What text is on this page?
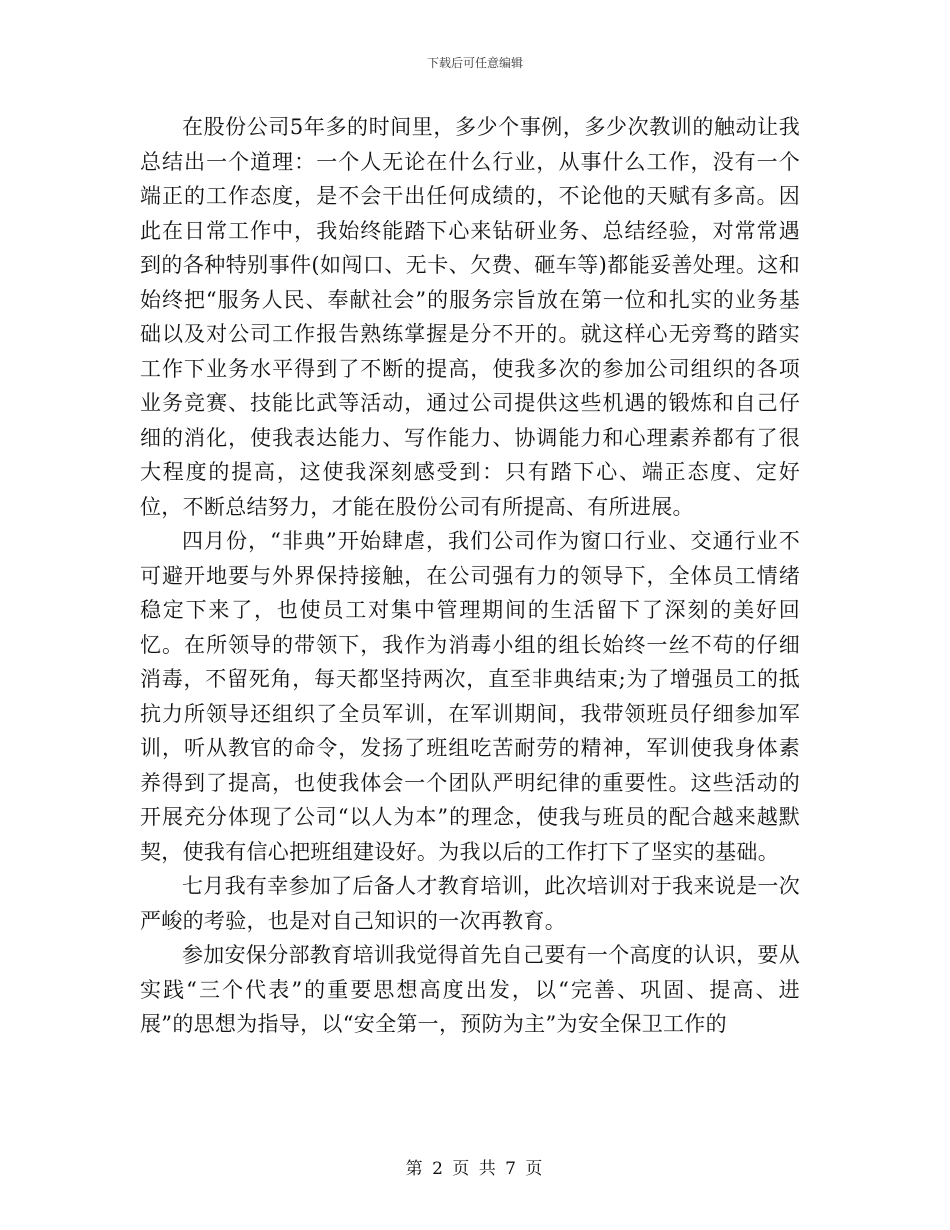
下载后可任意编辑

在股份公司5年多的时间里，多少个事例，多少次教训的触动让我总结出一个道理：一个人无论在什么行业，从事什么工作，没有一个端正的工作态度，是不会干出任何成绩的，不论他的天赋有多高。因此在日常工作中，我始终能踏下心来钻研业务、总结经验，对常常遇到的各种特别事件(如闯口、无卡、欠费、砸车等)都能妥善处理。这和始终把“服务人民、奉献社会”的服务宗旨放在第一位和扎实的业务基础以及对公司工作报告熟练掌握是分不开的。就这样心无旁骛的踏实工作下业务水平得到了不断的提高，使我多次的参加公司组织的各项业务竞赛、技能比武等活动，通过公司提供这些机遇的锻炼和自己仔细的消化，使我表达能力、写作能力、协调能力和心理素养都有了很大程度的提高，这使我深刻感受到：只有踏下心、端正态度、定好位，不断总结努力，才能在股份公司有所提高、有所进展。

四月份，“非典”开始肆虐，我们公司作为窗口行业、交通行业不可避开地要与外界保持接触，在公司强有力的领导下，全体员工情绪稳定下来了，也使员工对集中管理期间的生活留下了深刻的美好回忆。在所领导的带领下，我作为消毒小组的组长始终一丝不苟的仔细消毒，不留死角，每天都坚持两次，直至非典结束;为了增强员工的抵抗力所领导还组织了全员军训，在军训期间，我带领班员仔细参加军训，听从教官的命令，发扬了班组吃苦耐劳的精神，军训使我身体素养得到了提高，也使我体会一个团队严明纪律的重要性。这些活动的开展充分体现了公司“以人为本”的理念，使我与班员的配合越来越默契，使我有信心把班组建设好。为我以后的工作打下了坚实的基础。

七月我有幸参加了后备人才教育培训，此次培训对于我来说是一次严峻的考验，也是对自己知识的一次再教育。

参加安保分部教育培训我觉得首先自己要有一个高度的认识，要从实践“三个代表”的重要思想高度出发，以“完善、巩固、提高、进展”的思想为指导，以“安全第一，预防为主”为安全保卫工作的

第 2 页 共 7 页
